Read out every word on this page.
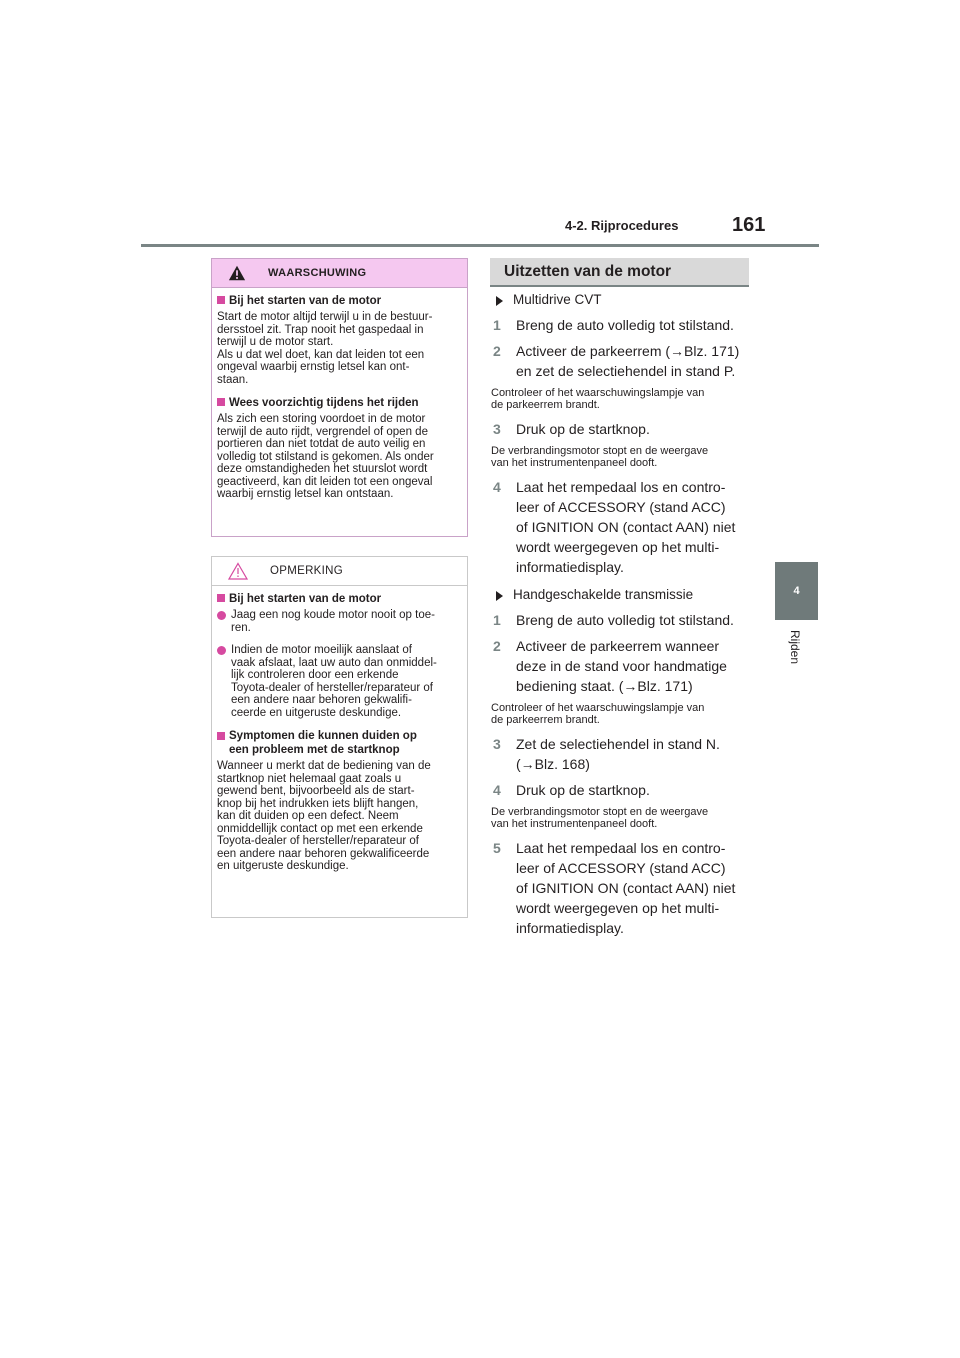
4-2. Rijprocedures	161
4
Rijden
WAARSCHUWING

Bij het starten van de motor

Start de motor altijd terwijl u in de bestuur-
dersstoel zit. Trap nooit het gaspedaal in
terwijl u de motor start.
Als u dat wel doet, kan dat leiden tot een
ongeval waarbij ernstig letsel kan ont-
staan.

Wees voorzichtig tijdens het rijden

Als zich een storing voordoet in de motor
terwijl de auto rijdt, vergrendel of open de
portieren dan niet totdat de auto veilig en
volledig tot stilstand is gekomen. Als onder
deze omstandigheden het stuurslot wordt
geactiveerd, kan dit leiden tot een ongeval
waarbij ernstig letsel kan ontstaan.

OPMERKING

Bij het starten van de motor

Jaag een nog koude motor nooit op toe-
ren.
Indien de motor moeilijk aanslaat of
vaak afslaat, laat uw auto dan onmiddel-
lijk controleren door een erkende
Toyota-dealer of hersteller/reparateur of
een andere naar behoren gekwalifi-
ceerde en uitgeruste deskundige.

Symptomen die kunnen duiden op
een probleem met de startknop

Wanneer u merkt dat de bediening van de
startknop niet helemaal gaat zoals u
gewend bent, bijvoorbeeld als de start-
knop bij het indrukken iets blijft hangen,
kan dit duiden op een defect. Neem
onmiddellijk contact op met een erkende
Toyota-dealer of hersteller/reparateur of
een andere naar behoren gekwalificeerde
en uitgeruste deskundige.

Uitzetten van de motor
Multidrive CVT
1	Breng de auto volledig tot stilstand.
2	Activeer de parkeerrem (→Blz. 171)
en zet de selectiehendel in stand P.

Controleer of het waarschuwingslampje van
de parkeerrem brandt.

3	Druk op de startknop.

De verbrandingsmotor stopt en de weergave
van het instrumentenpaneel dooft.

4	Laat het rempedaal los en contro-
leer of ACCESSORY (stand ACC)
of IGNITION ON (contact AAN) niet
wordt weergegeven op het multi-
informatiedisplay.
Handgeschakelde transmissie
1	Breng de auto volledig tot stilstand.
2	Activeer de parkeerrem wanneer
deze in de stand voor handmatige
bediening staat. (→Blz. 171)

Controleer of het waarschuwingslampje van
de parkeerrem brandt.

3	Zet de selectiehendel in stand N.
(→Blz. 168)
4	Druk op de startknop.

De verbrandingsmotor stopt en de weergave
van het instrumentenpaneel dooft.

5	Laat het rempedaal los en contro-
leer of ACCESSORY (stand ACC)
of IGNITION ON (contact AAN) niet
wordt weergegeven op het multi-
informatiedisplay.
